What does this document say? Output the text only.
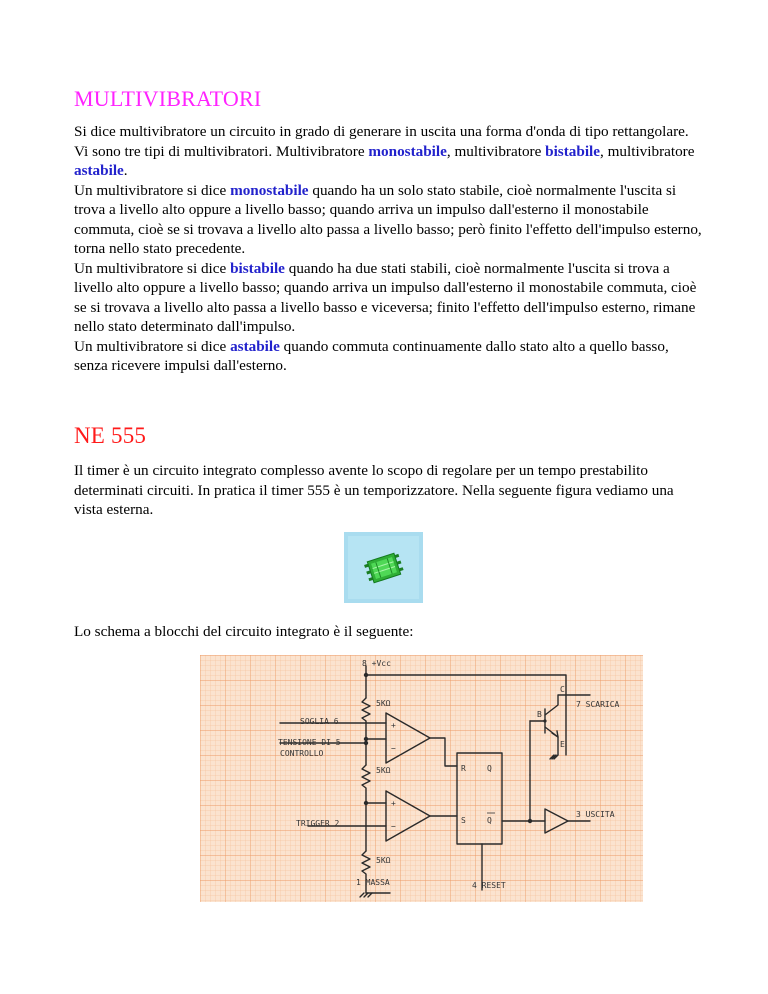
MULTIVIBRATORI

Si dice multivibratore un circuito in grado di generare in uscita una forma d'onda di tipo rettangolare. Vi sono tre tipi di multivibratori. Multivibratore monostabile, multivibratore bistabile, multivibratore astabile.
Un multivibratore si dice monostabile quando ha un solo stato stabile, cioè normalmente l'uscita si trova a livello alto oppure a livello basso; quando arriva un impulso dall'esterno il monostabile commuta, cioè se si trovava a livello alto passa a livello basso; però finito l'effetto dell'impulso esterno, torna nello stato precedente.
Un multivibratore si dice bistabile quando ha due stati stabili, cioè normalmente l'uscita si trova a livello alto oppure a livello basso; quando arriva un impulso dall'esterno il monostabile commuta, cioè se si trovava a livello alto passa a livello basso e viceversa; finito l'effetto dell'impulso esterno, rimane nello stato determinato dall'impulso.
Un multivibratore si dice astabile quando commuta continuamente dallo stato alto a quello basso, senza ricevere impulsi dall'esterno.

NE 555

Il timer è un circuito integrato complesso avente lo scopo di regolare per un tempo prestabilito determinati circuiti. In pratica il timer 555 è un temporizzatore. Nella seguente figura vediamo una vista esterna.

Lo schema a blocchi del circuito integrato è il seguente:

8 +Vcc
5KΩ
5KΩ
5KΩ
SOGLIA 6
TENSIONE DI 5
CONTROLLO
TRIGGER 2
1 MASSA	4 RESET
7 SCARICA
3 USCITA
R
S
Q
Q
+
−
+
−
B
C
E
